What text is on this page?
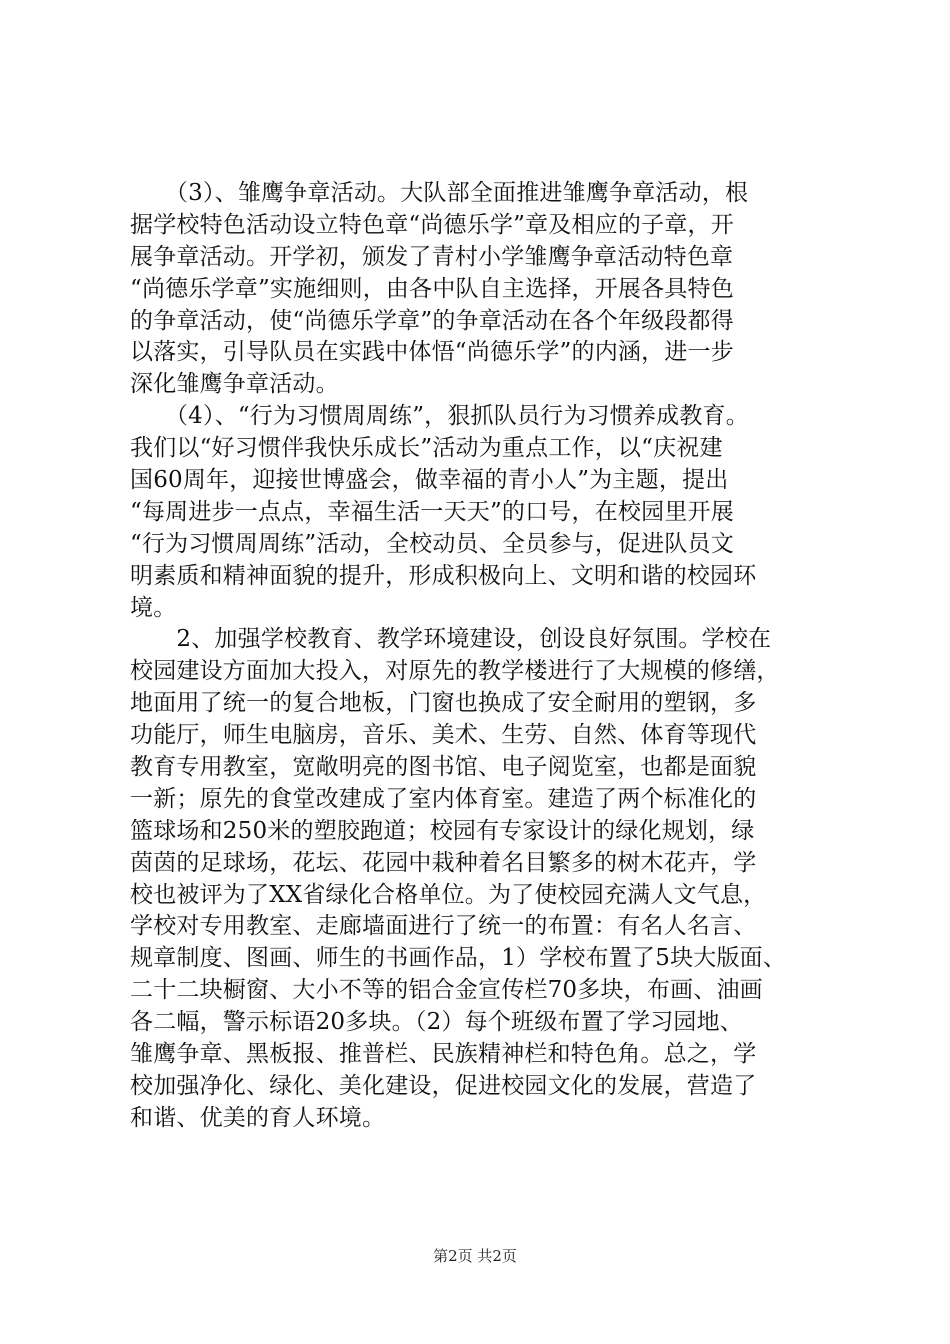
　　（3）、雏鹰争章活动。大队部全面推进雏鹰争章活动，根
据学校特色活动设立特色章“尚德乐学”章及相应的子章，开
展争章活动。开学初，颁发了青村小学雏鹰争章活动特色章
“尚德乐学章”实施细则，由各中队自主选择，开展各具特色
的争章活动，使“尚德乐学章”的争章活动在各个年级段都得
以落实，引导队员在实践中体悟“尚德乐学”的内涵，进一步
深化雏鹰争章活动。
　　（4）、“行为习惯周周练”，狠抓队员行为习惯养成教育。
我们以“好习惯伴我快乐成长”活动为重点工作，以“庆祝建
国60周年，迎接世博盛会，做幸福的青小人”为主题，提出
“每周进步一点点，幸福生活一天天”的口号，在校园里开展
“行为习惯周周练”活动，全校动员、全员参与，促进队员文
明素质和精神面貌的提升，形成积极向上、文明和谐的校园环
境。
　　2、加强学校教育、教学环境建设，创设良好氛围。学校在
校园建设方面加大投入，对原先的教学楼进行了大规模的修缮，
地面用了统一的复合地板，门窗也换成了安全耐用的塑钢，多
功能厅，师生电脑房，音乐、美术、生劳、自然、体育等现代
教育专用教室，宽敞明亮的图书馆、电子阅览室，也都是面貌
一新；原先的食堂改建成了室内体育室。建造了两个标准化的
篮球场和250米的塑胶跑道；校园有专家设计的绿化规划，绿
茵茵的足球场，花坛、花园中栽种着名目繁多的树木花卉，学
校也被评为了XX省绿化合格单位。为了使校园充满人文气息，
学校对专用教室、走廊墙面进行了统一的布置：有名人名言、
规章制度、图画、师生的书画作品，1）学校布置了5块大版面、
二十二块橱窗、大小不等的铝合金宣传栏70多块，布画、油画
各二幅，警示标语20多块。（2）每个班级布置了学习园地、
雏鹰争章、黑板报、推普栏、民族精神栏和特色角。总之，学
校加强净化、绿化、美化建设，促进校园文化的发展，营造了
和谐、优美的育人环境。
第2页 共2页
